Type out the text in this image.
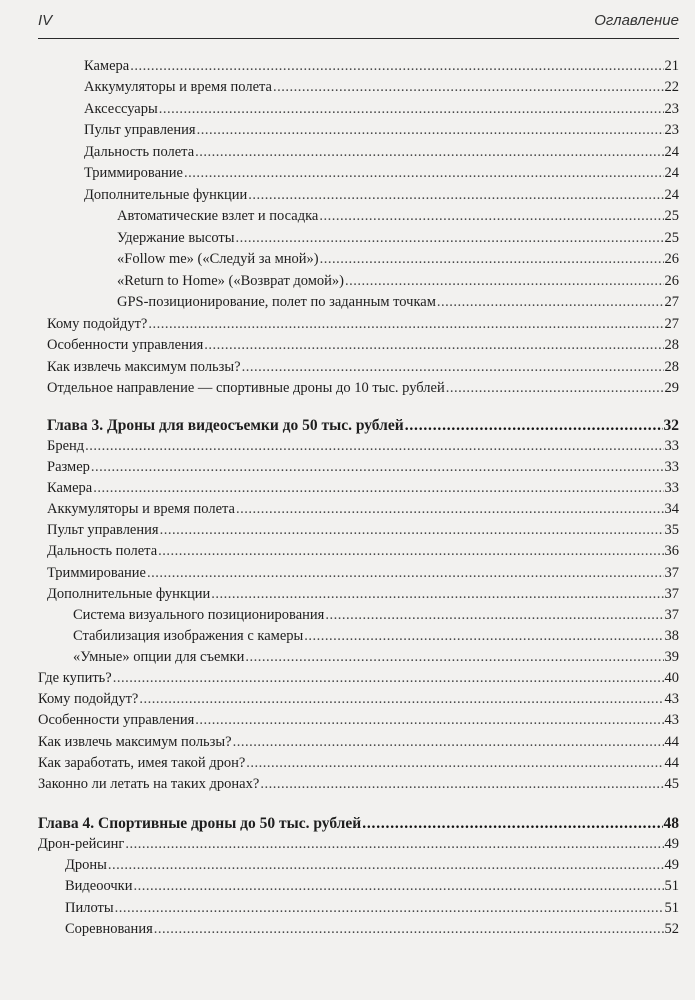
IV	Оглавление
Камера .....	21
Аккумуляторы и время полета .....	22
Аксессуары .....	23
Пульт управления .....	23
Дальность полета .....	24
Триммирование .....	24
Дополнительные функции .....	24
Автоматические взлет и посадка .....	25
Удержание высоты .....	25
«Follow me» («Следуй за мной») .....	26
«Return to Home» («Возврат домой») .....	26
GPS-позиционирование, полет по заданным точкам .....	27
Кому подойдут? .....	27
Особенности управления .....	28
Как извлечь максимум пользы? .....	28
Отдельное направление — спортивные дроны до 10 тыс. рублей .....	29
Глава 3. Дроны для видеосъемки до 50 тыс. рублей .....	32
Бренд .....	33
Размер .....	33
Камера .....	33
Аккумуляторы и время полета .....	34
Пульт управления .....	35
Дальность полета .....	36
Триммирование .....	37
Дополнительные функции .....	37
Система визуального позиционирования .....	37
Стабилизация изображения с камеры .....	38
«Умные» опции для съемки .....	39
Где купить? .....	40
Кому подойдут? .....	43
Особенности управления .....	43
Как извлечь максимум пользы? .....	44
Как заработать, имея такой дрон? .....	44
Законно ли летать на таких дронах? .....	45
Глава 4. Спортивные дроны до 50 тыс. рублей .....	48
Дрон-рейсинг .....	49
Дроны .....	49
Видеоочки .....	51
Пилоты .....	51
Соревнования .....	52
